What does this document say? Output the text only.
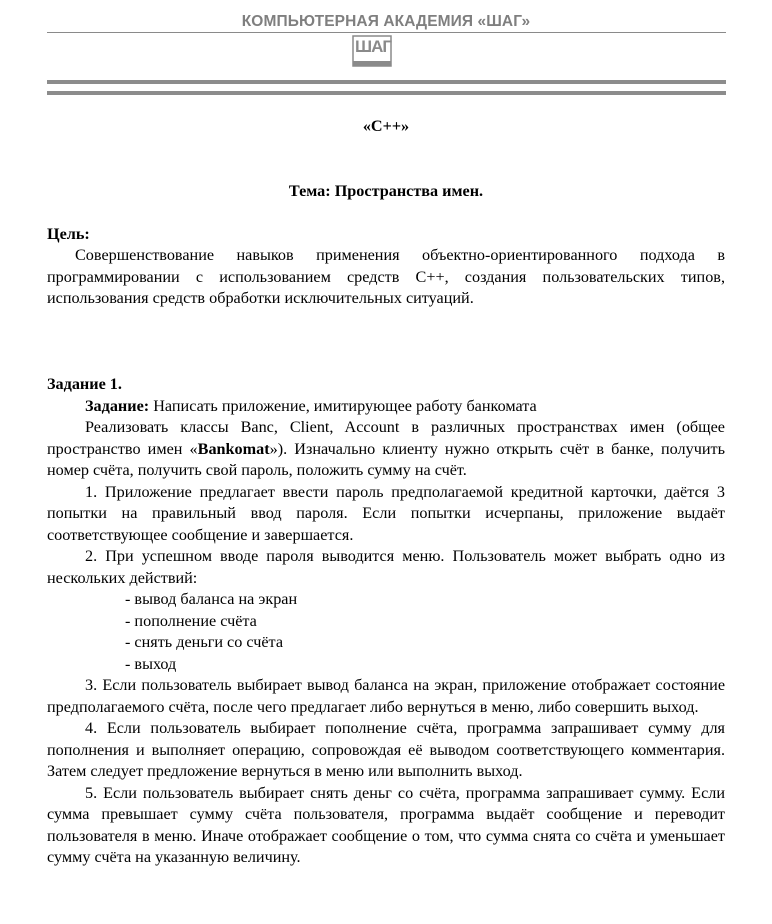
КОМПЬЮТЕРНАЯ АКАДЕМИЯ «ШАГ»
ШАГ

«С++»

Тема: Пространства имен.

Цель:

Совершенствование навыков применения объектно-ориентированного подхода в программировании с использованием средств С++, создания пользовательских типов, использования средств обработки исключительных ситуаций.

Задание 1.

Задание: Написать приложение, имитирующее работу банкомата

Реализовать классы Banc, Client, Account в различных пространствах имен (общее пространство имен «Bankomat»). Изначально клиенту нужно открыть счёт в банке, получить номер счёта, получить свой пароль, положить сумму на счёт.

1. Приложение предлагает ввести пароль предполагаемой кредитной карточки, даётся 3 попытки на правильный ввод пароля. Если попытки исчерпаны, приложение выдаёт соответствующее сообщение и завершается.

2. При успешном вводе пароля выводится меню. Пользователь может выбрать одно из нескольких действий:

- вывод баланса на экран

- пополнение счёта

- снять деньги со счёта

- выход

3. Если пользователь выбирает вывод баланса на экран, приложение отображает состояние предполагаемого счёта, после чего предлагает либо вернуться в меню, либо совершить выход.

4. Если пользователь выбирает пополнение счёта, программа запрашивает сумму для пополнения и выполняет операцию, сопровождая её выводом соответствующего комментария. Затем следует предложение вернуться в меню или выполнить выход.

5. Если пользователь выбирает снять деньг со счёта, программа запрашивает сумму. Если сумма превышает сумму счёта пользователя, программа выдаёт сообщение и переводит пользователя в меню. Иначе отображает сообщение о том, что сумма снята со счёта и уменьшает сумму счёта на указанную величину.
